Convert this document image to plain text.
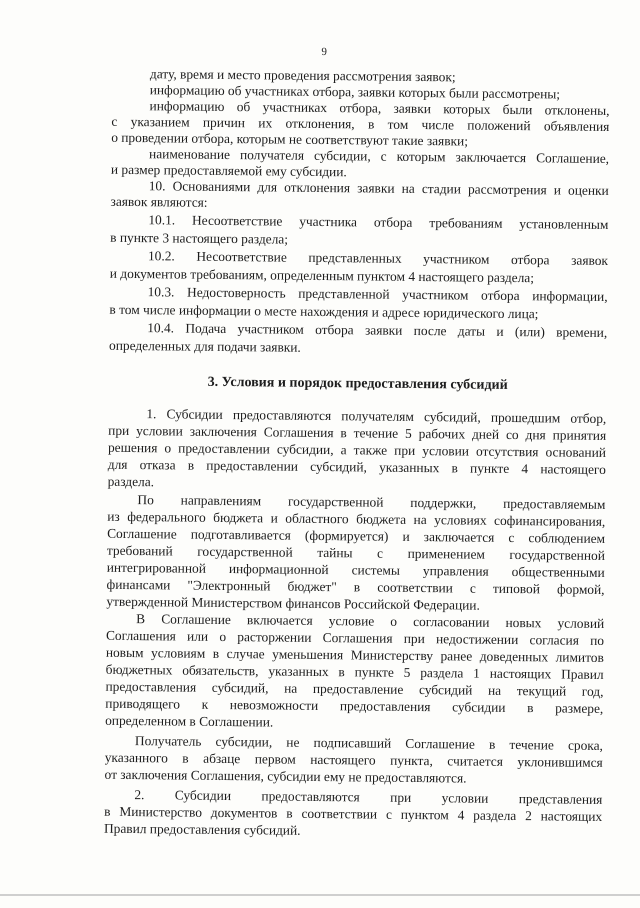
9
дату, время и место проведения рассмотрения заявок;
информацию об участниках отбора, заявки которых были рассмотрены;
информацию об участниках отбора, заявки которых были отклонены,
с указанием причин их отклонения, в том числе положений объявления
о проведении отбора, которым не соответствуют такие заявки;
наименование получателя субсидии, с которым заключается Соглашение,
и размер предоставляемой ему субсидии.
10. Основаниями для отклонения заявки на стадии рассмотрения и оценки
заявок являются:
10.1. Несоответствие участника отбора требованиям установленным
в пункте 3 настоящего раздела;
10.2. Несоответствие представленных участником отбора заявок
и документов требованиям, определенным пунктом 4 настоящего раздела;
10.3. Недостоверность представленной участником отбора информации,
в том числе информации о месте нахождения и адресе юридического лица;
10.4. Подача участником отбора заявки после даты и (или) времени,
определенных для подачи заявки.
3. Условия и порядок предоставления субсидий
1. Субсидии предоставляются получателям субсидий, прошедшим отбор,
при условии заключения Соглашения в течение 5 рабочих дней со дня принятия
решения о предоставлении субсидии, а также при условии отсутствия оснований
для отказа в предоставлении субсидий, указанных в пункте 4 настоящего
раздела.
По направлениям государственной поддержки, предоставляемым
из федерального бюджета и областного бюджета на условиях софинансирования,
Соглашение подготавливается (формируется) и заключается с соблюдением
требований государственной тайны с применением государственной
интегрированной информационной системы управления общественными
финансами "Электронный бюджет" в соответствии с типовой формой,
утвержденной Министерством финансов Российской Федерации.
В Соглашение включается условие о согласовании новых условий
Соглашения или о расторжении Соглашения при недостижении согласия по
новым условиям в случае уменьшения Министерству ранее доведенных лимитов
бюджетных обязательств, указанных в пункте 5 раздела 1 настоящих Правил
предоставления субсидий, на предоставление субсидий на текущий год,
приводящего к невозможности предоставления субсидии в размере,
определенном в Соглашении.
Получатель субсидии, не подписавший Соглашение в течение срока,
указанного в абзаце первом настоящего пункта, считается уклонившимся
от заключения Соглашения, субсидии ему не предоставляются.
2. Субсидии предоставляются при условии представления
в Министерство документов в соответствии с пунктом 4 раздела 2 настоящих
Правил предоставления субсидий.
